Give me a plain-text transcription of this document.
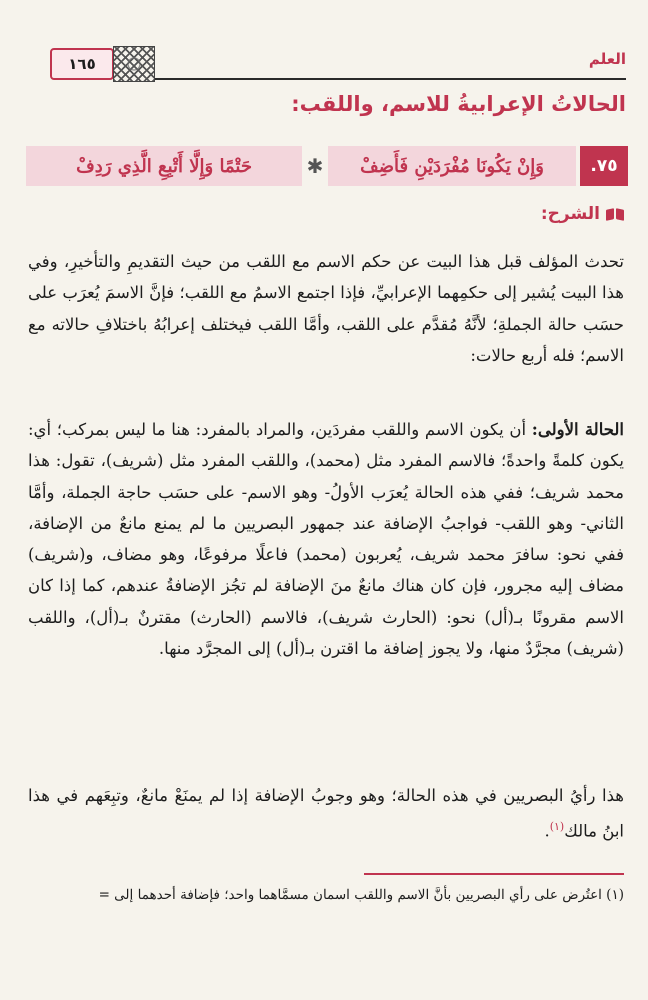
العلم
١٦٥
الحالاتُ الإعرابيةُ للاسم، واللقب:
٧٥.
وَإِنْ يَكُونَا مُفْرَدَيْنِ فَأَضِفْ
✱
حَتْمًا وَإِلَّا أَتْبِعِ الَّذِي رَدِفْ
الشرح:

تحدث المؤلف قبل هذا البيت عن حكم الاسم مع اللقب من حيث التقديمِ والتأخيرِ، وفي هذا البيت يُشير إلى حكمِهما الإعرابيِّ، فإذا اجتمع الاسمُ مع اللقب؛ فإنَّ الاسمَ يُعرَب على حسَب حالة الجملةِ؛ لأنَّهُ مُقدَّم على اللقب، وأمَّا اللقب فيختلف إعرابُهُ باختلافِ حالاته مع الاسم؛ فله أربع حالات:

الحالة الأولى: أن يكون الاسم واللقب مفردَين، والمراد بالمفرد: هنا ما ليس بمركب؛ أي: يكون كلمةً واحدةً؛ فالاسم المفرد مثل (محمد)، واللقب المفرد مثل (شريف)، تقول: هذا محمد شريف؛ ففي هذه الحالة يُعرَب الأولُ- وهو الاسم- على حسَب حاجة الجملة، وأمَّا الثاني- وهو اللقب- فواجبُ الإضافة عند جمهور البصريين ما لم يمنع مانعٌ من الإضافة، ففي نحو: سافرَ محمد شريف، يُعربون (محمد) فاعلًا مرفوعًا، وهو مضاف، و(شريف) مضاف إليه مجرور، فإن كان هناك مانعٌ منَ الإضافة لم تجُز الإضافةُ عندهم، كما إذا كان الاسم مقرونًا بـ(أل) نحو: (الحارث شريف)، فالاسم (الحارث) مقترنٌ بـ(أل)، واللقب (شريف) مجرَّدٌ منها، ولا يجوز إضافة ما اقترن بـ(أل) إلى المجرَّد منها.

هذا رأيُ البصريين في هذه الحالة؛ وهو وجوبُ الإضافة إذا لم يمنَعْ مانعٌ، وتبِعَهم في هذا ابنُ مالك$^{(١)}$.

(١) اعتُرض على رأي البصريين بأنَّ الاسم واللقب اسمان مسمَّاهما واحد؛ فإضافة أحدهما إلى =
